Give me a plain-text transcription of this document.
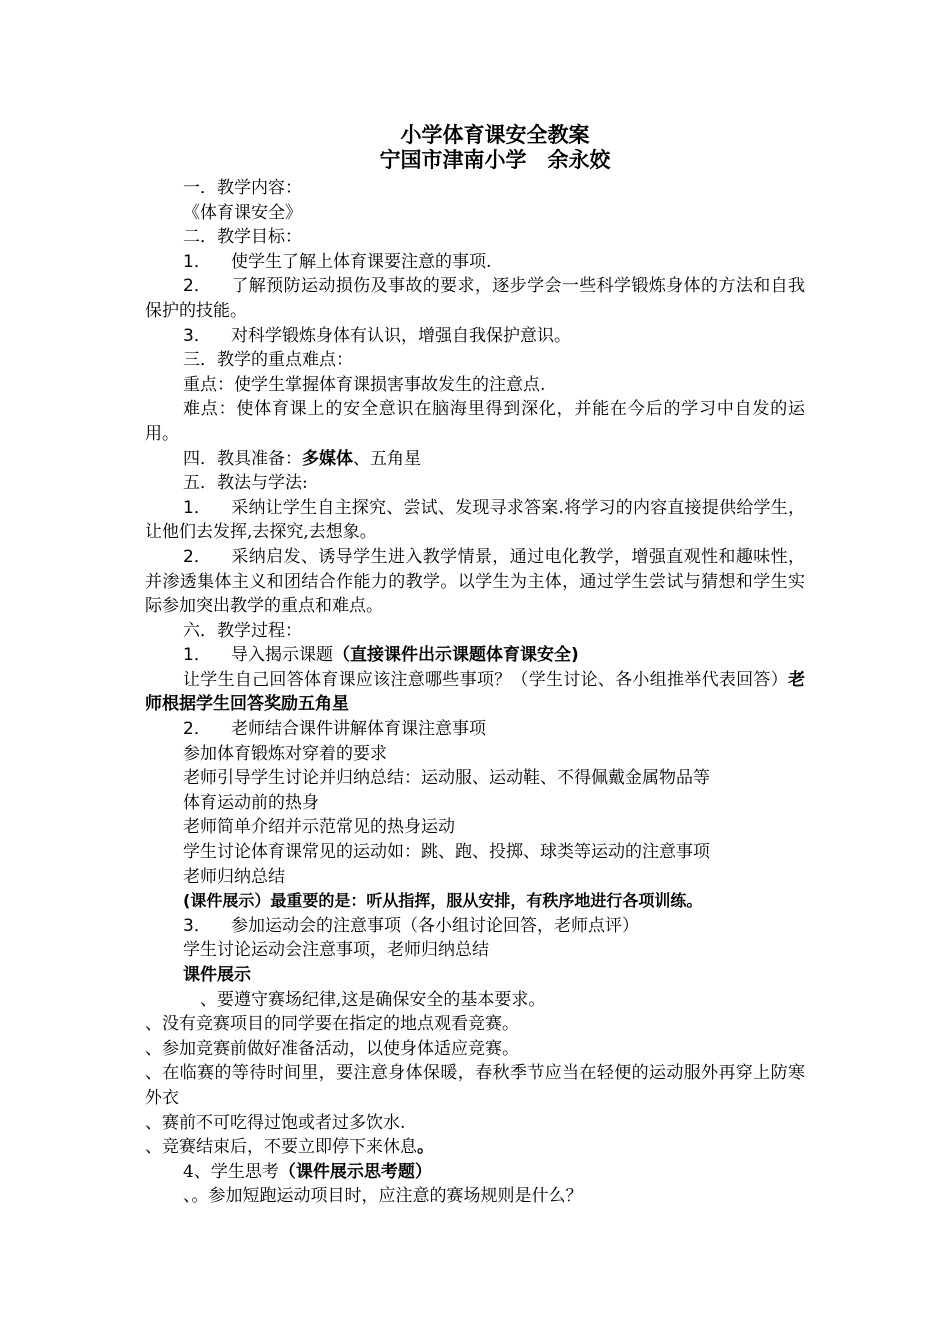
小学体育课安全教案
宁国市津南小学　余永姣

一．教学内容：

《体育课安全》

二．教学目标：

1． 使学生了解上体育课要注意的事项.

2． 了解预防运动损伤及事故的要求，逐步学会一些科学锻炼身体的方法和自我保护的技能。

3． 对科学锻炼身体有认识，增强自我保护意识。

三．教学的重点难点：

重点：使学生掌握体育课损害事故发生的注意点.

难点：使体育课上的安全意识在脑海里得到深化，并能在今后的学习中自发的运用。

四．教具准备：多媒体、五角星

五．教法与学法:

1． 采纳让学生自主探究、尝试、发现寻求答案.将学习的内容直接提供给学生，让他们去发挥,去探究,去想象。

2． 采纳启发、诱导学生进入教学情景，通过电化教学，增强直观性和趣味性，并渗透集体主义和团结合作能力的教学。以学生为主体，通过学生尝试与猜想和学生实际参加突出教学的重点和难点。

六．教学过程：

1． 导入揭示课题（直接课件出示课题体育课安全)

让学生自己回答体育课应该注意哪些事项？（学生讨论、各小组推举代表回答）老师根据学生回答奖励五角星

2． 老师结合课件讲解体育课注意事项

参加体育锻炼对穿着的要求

老师引导学生讨论并归纳总结：运动服、运动鞋、不得佩戴金属物品等

体育运动前的热身

老师简单介绍并示范常见的热身运动

学生讨论体育课常见的运动如：跳、跑、投掷、球类等运动的注意事项

老师归纳总结

(课件展示）最重要的是：听从指挥，服从安排，有秩序地进行各项训练。

3． 参加运动会的注意事项（各小组讨论回答，老师点评）

学生讨论运动会注意事项，老师归纳总结

课件展示

、要遵守赛场纪律,这是确保安全的基本要求。

、没有竞赛项目的同学要在指定的地点观看竞赛。

、参加竞赛前做好准备活动，以使身体适应竞赛。

、在临赛的等待时间里，要注意身体保暖，春秋季节应当在轻便的运动服外再穿上防寒外衣

、赛前不可吃得过饱或者过多饮水.

、竞赛结束后，不要立即停下来休息。

4、学生思考（课件展示思考题）

、。参加短跑运动项目时，应注意的赛场规则是什么？
